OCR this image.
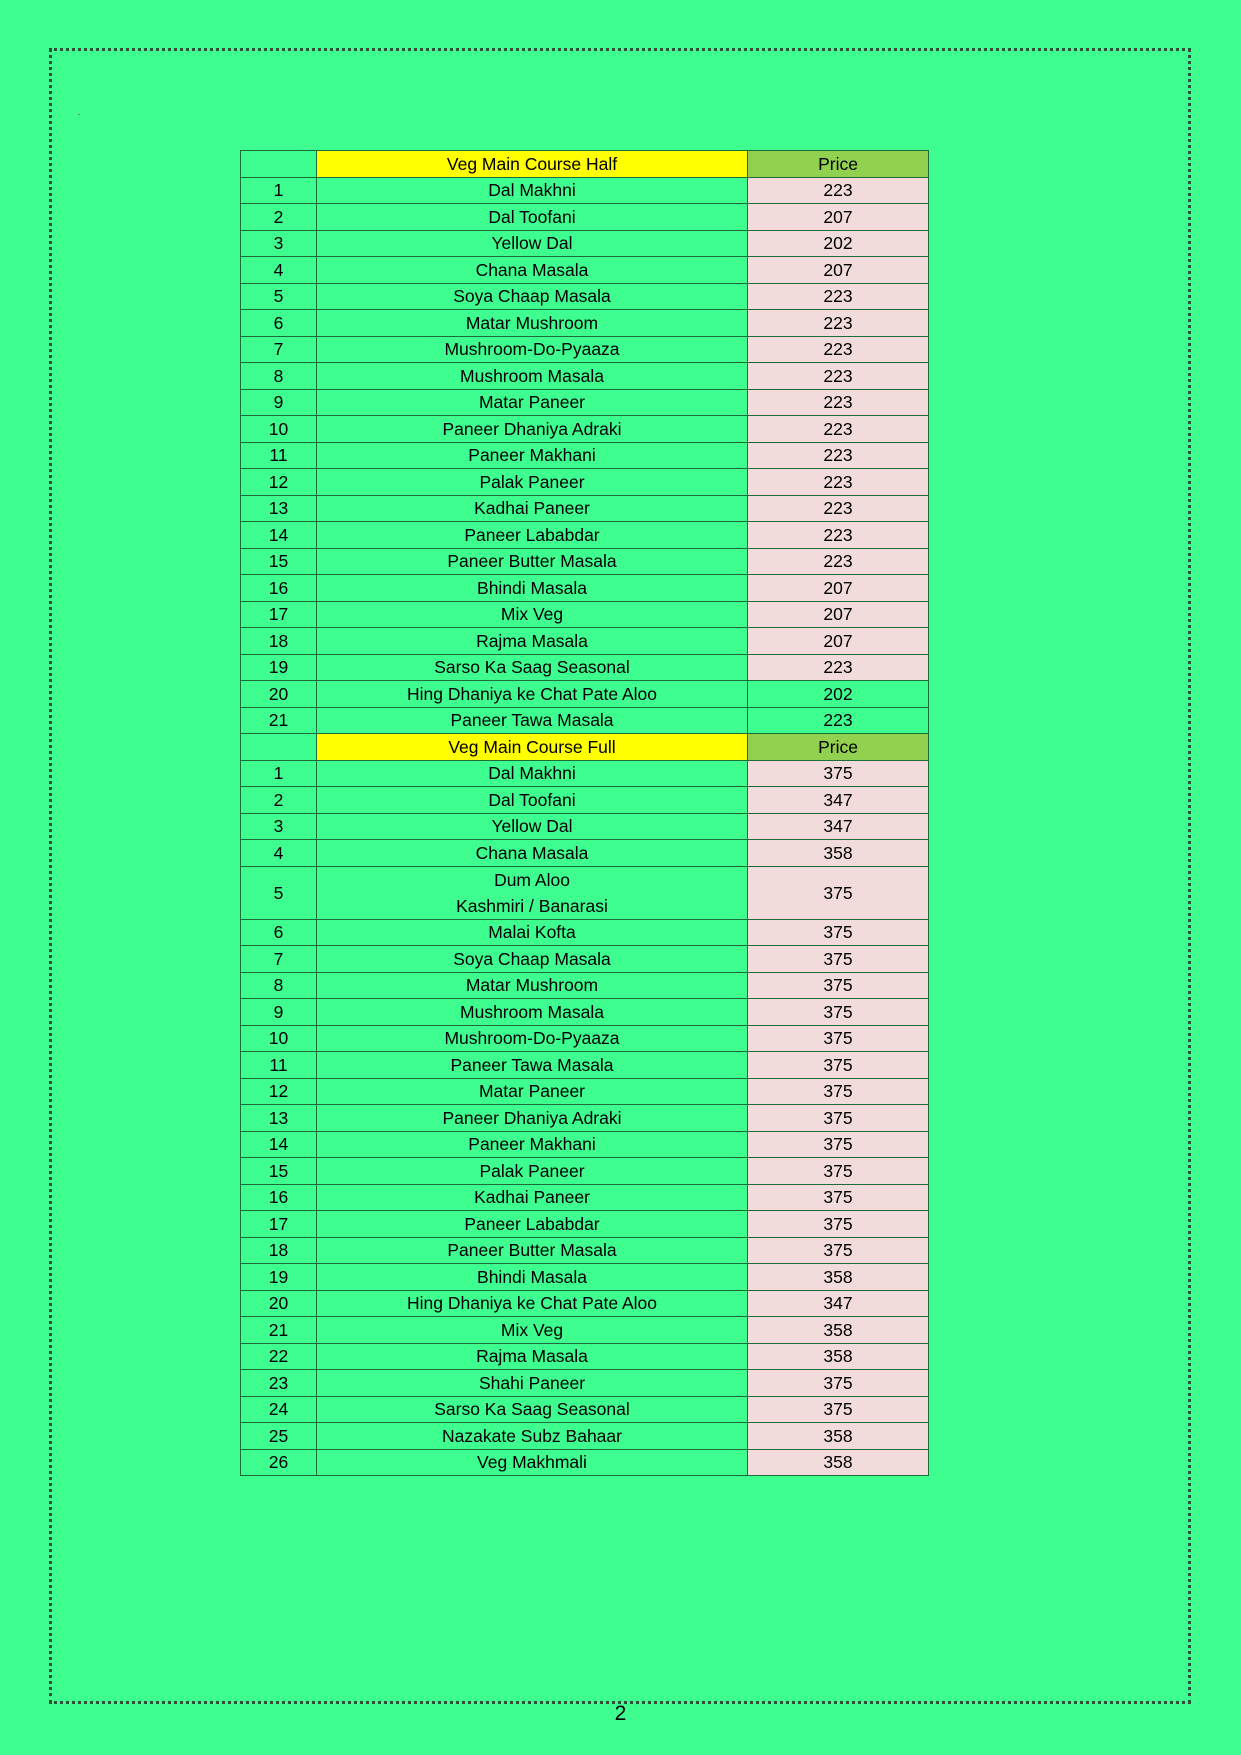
	Veg Main Course Half	Price
1	Dal Makhni	223
2	Dal Toofani	207
3	Yellow Dal	202
4	Chana Masala	207
5	Soya Chaap Masala	223
6	Matar Mushroom	223
7	Mushroom-Do-Pyaaza	223
8	Mushroom Masala	223
9	Matar Paneer	223
10	Paneer Dhaniya Adraki	223
11	Paneer Makhani	223
12	Palak Paneer	223
13	Kadhai Paneer	223
14	Paneer Lababdar	223
15	Paneer Butter Masala	223
16	Bhindi Masala	207
17	Mix Veg	207
18	Rajma Masala	207
19	Sarso Ka Saag Seasonal	223
20	Hing Dhaniya ke Chat Pate Aloo	202
21	Paneer Tawa Masala	223
	Veg Main Course Full	Price
1	Dal Makhni	375
2	Dal Toofani	347
3	Yellow Dal	347
4	Chana Masala	358
5	Dum Aloo
Kashmiri / Banarasi	375
6	Malai Kofta	375
7	Soya Chaap Masala	375
8	Matar Mushroom	375
9	Mushroom Masala	375
10	Mushroom-Do-Pyaaza	375
11	Paneer Tawa Masala	375
12	Matar Paneer	375
13	Paneer Dhaniya Adraki	375
14	Paneer Makhani	375
15	Palak Paneer	375
16	Kadhai Paneer	375
17	Paneer Lababdar	375
18	Paneer Butter Masala	375
19	Bhindi Masala	358
20	Hing Dhaniya ke Chat Pate Aloo	347
21	Mix Veg	358
22	Rajma Masala	358
23	Shahi Paneer	375
24	Sarso Ka Saag Seasonal	375
25	Nazakate Subz Bahaar	358
26	Veg Makhmali	358
2
